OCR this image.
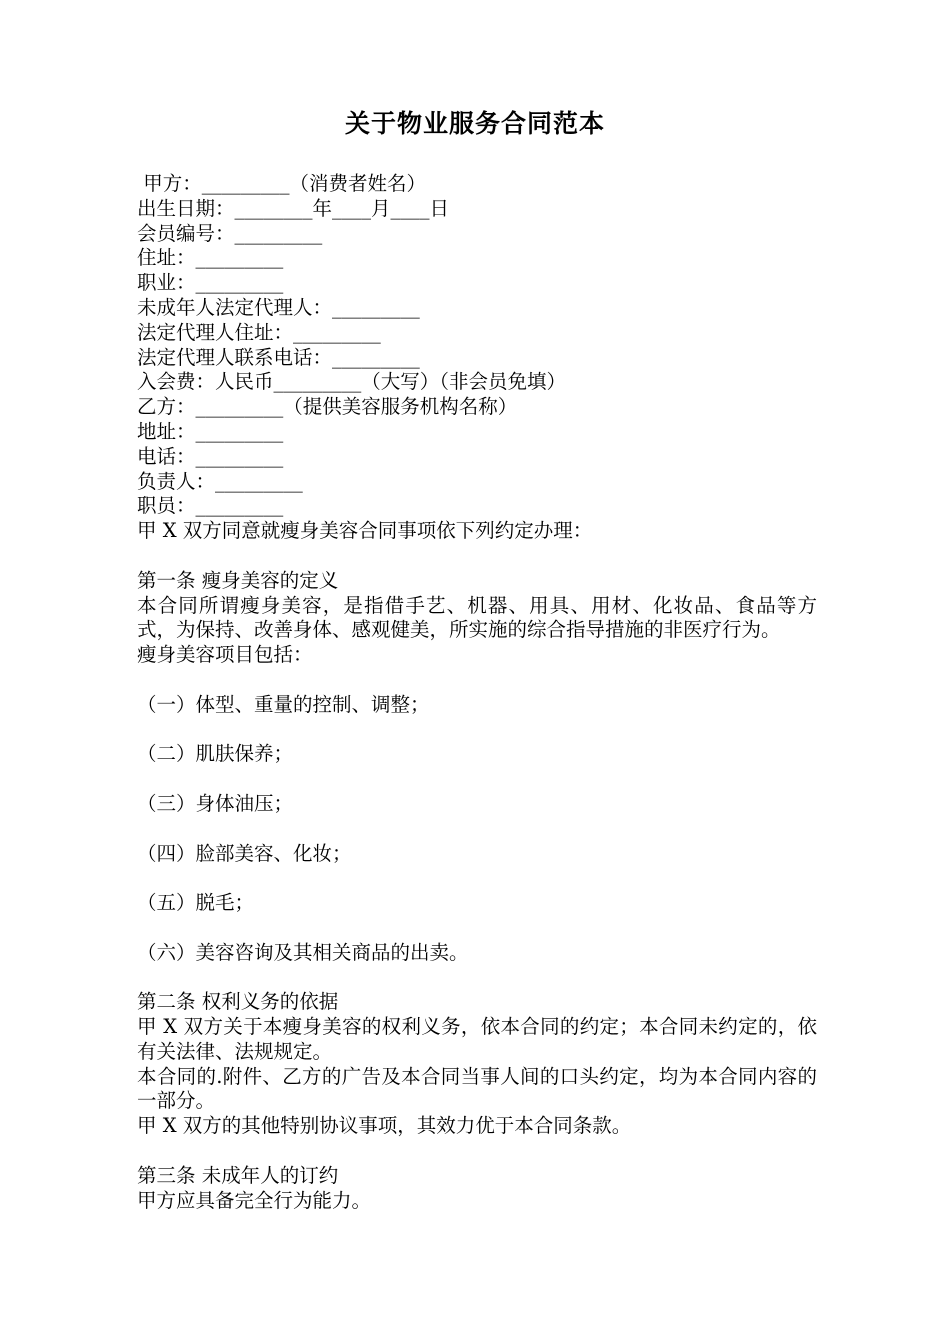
关于物业服务合同范本
甲方：_________（消费者姓名）
出生日期：________年____月____日
会员编号：_________
住址：_________
职业：_________
未成年人法定代理人：_________
法定代理人住址：_________
法定代理人联系电话：_________
入会费：人民币_________（大写）（非会员免填）
乙方：_________（提供美容服务机构名称）
地址：_________
电话：_________
负责人：_________
职员：_________
甲 X 双方同意就瘦身美容合同事项依下列约定办理：
第一条 瘦身美容的定义
本合同所谓瘦身美容，是指借手艺、机器、用具、用材、化妆品、食品等方式，为保持、改善身体、感观健美，所实施的综合指导措施的非医疗行为。
瘦身美容项目包括：
（一）体型、重量的控制、调整；
（二）肌肤保养；
（三）身体油压；
（四）脸部美容、化妆；
（五）脱毛；
（六）美容咨询及其相关商品的出卖。
第二条 权利义务的依据
甲 X 双方关于本瘦身美容的权利义务，依本合同的约定；本合同未约定的，依有关法律、法规规定。
本合同的.附件、乙方的广告及本合同当事人间的口头约定，均为本合同内容的一部分。
甲 X 双方的其他特别协议事项，其效力优于本合同条款。
第三条 未成年人的订约
甲方应具备完全行为能力。
